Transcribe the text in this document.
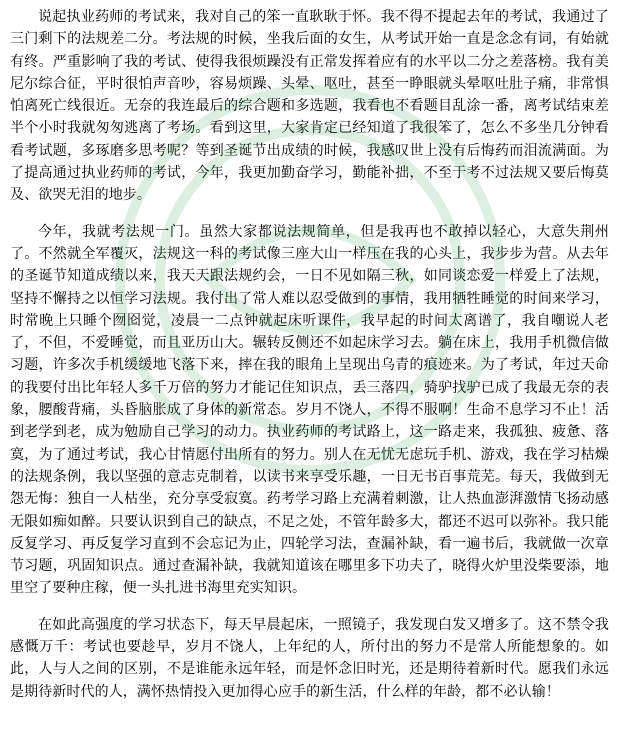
说起执业药师的考试来，我对自己的笨一直耿耿于怀。我不得不提起去年的考试，我通过了三门剩下的法规差二分。考法规的时候，坐我后面的女生，从考试开始一直是念念有词，有始就有终。严重影响了我的考试、使得我很烦躁没有正常发挥着应有的水平以二分之差落榜。我有美尼尔综合征，平时很怕声音吵，容易烦躁、头晕、呕吐，甚至一睁眼就头晕呕吐肚子痛，非常惧怕离死亡线很近。无奈的我连最后的综合题和多选题，我看也不看题目乱涂一番，离考试结束差半个小时我就匆匆逃离了考场。看到这里，大家肯定已经知道了我很笨了，怎么不多坐几分钟看看考试题，多琢磨多思考呢？等到圣诞节出成绩的时候，我感叹世上没有后悔药而泪流满面。为了提高通过执业药师的考试，今年，我更加勤奋学习，勤能补拙，不至于考不过法规又要后悔莫及、欲哭无泪的地步。

今年，我就考法规一门。虽然大家都说法规简单，但是我再也不敢掉以轻心，大意失荆州了。不然就全军覆灭，法规这一科的考试像三座大山一样压在我的心头上，我步步为营。从去年的圣诞节知道成绩以来，我天天跟法规约会，一日不见如隔三秋，如同谈恋爱一样爱上了法规，坚持不懈持之以恒学习法规。我付出了常人难以忍受做到的事情，我用牺牲睡觉的时间来学习，时常晚上只睡个囫囵觉，凌晨一二点钟就起床听课件，我早起的时间太离谱了，我自嘲说人老了，不但，不爱睡觉，而且亚历山大。辗转反侧还不如起床学习去。躺在床上，我用手机微信做习题，许多次手机缓缓地飞落下来，摔在我的眼角上呈现出乌青的痕迹来。为了考试，年过天命的我要付出比年轻人多千万倍的努力才能记住知识点，丢三落四，骑驴找驴已成了我最无奈的表象，腰酸背痛，头昏脑胀成了身体的新常态。岁月不饶人，不得不服啊！生命不息学习不止！活到老学到老，成为勉励自己学习的动力。执业药师的考试路上，这一路走来，我孤独、疲惫、落寞，为了通过考试，我心甘情愿付出所有的努力。别人在无忧无虑玩手机、游戏，我在学习枯燥的法规条例，我以坚强的意志克制着，以读书来享受乐趣，一日无书百事荒芜。每天，我做到无怨无悔：独自一人枯坐，充分享受寂寞。药考学习路上充满着刺激，让人热血澎湃激情飞扬动感无限如痴如醉。只要认识到自己的缺点，不足之处，不管年龄多大，都还不迟可以弥补。我只能反复学习、再反复学习直到不会忘记为止，四轮学习法，查漏补缺，看一遍书后，我就做一次章节习题，巩固知识点。通过查漏补缺，我就知道该在哪里多下功夫了，晓得火炉里没柴要添，地里空了要种庄稼，便一头扎进书海里充实知识。

在如此高强度的学习状态下，每天早晨起床，一照镜子，我发现白发又增多了。这不禁令我感慨万千：考试也要趁早，岁月不饶人，上年纪的人，所付出的努力不是常人所能想象的。如此，人与人之间的区别，不是谁能永远年轻，而是怀念旧时光，还是期待着新时代。愿我们永远是期待新时代的人，满怀热情投入更加得心应手的新生活，什么样的年龄，都不必认输！
